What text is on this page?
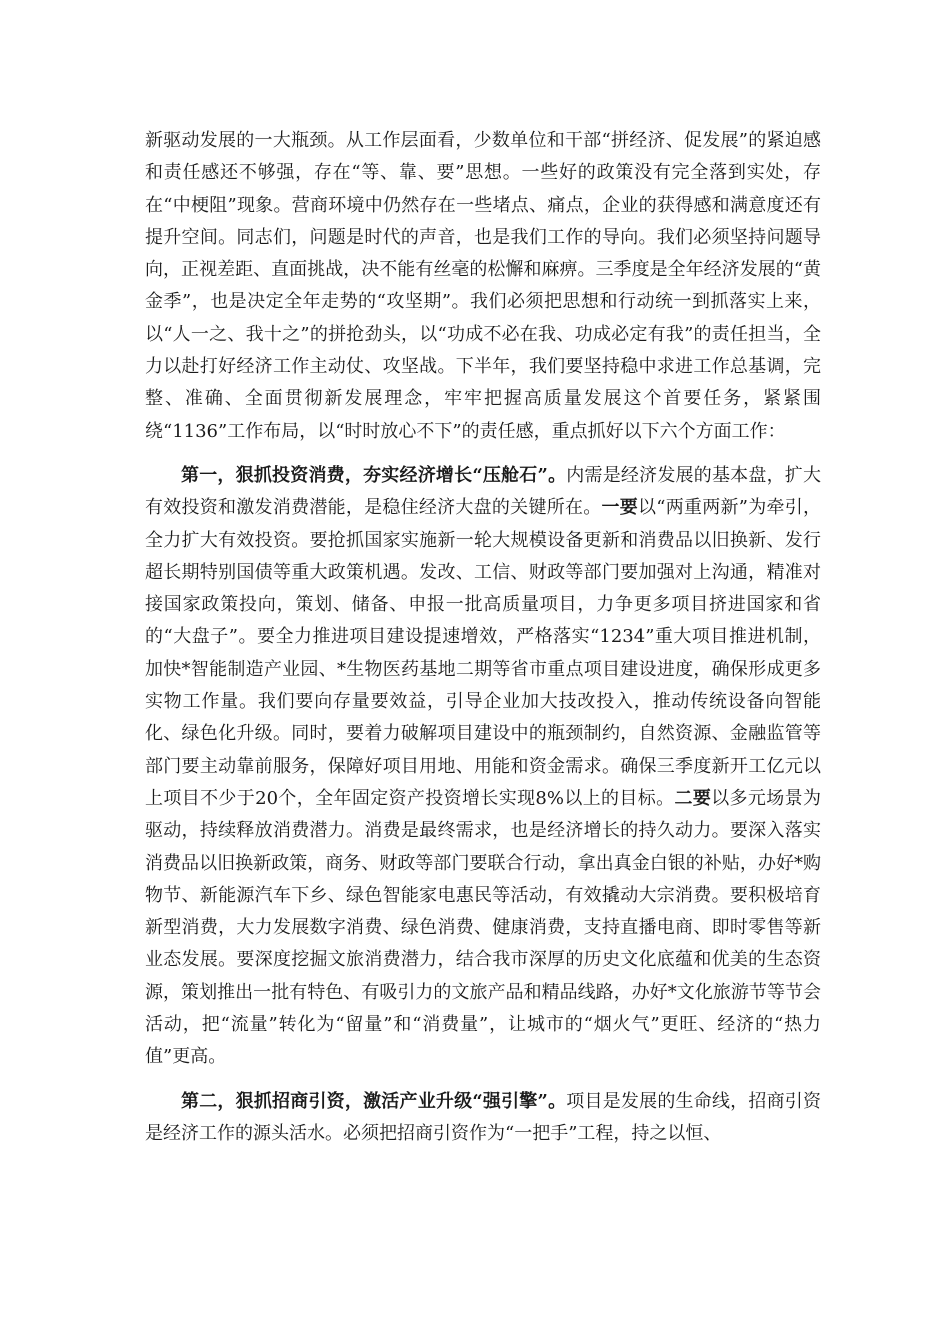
新驱动发展的一大瓶颈。从工作层面看，少数单位和干部“拼经济、促发展”的紧迫感和责任感还不够强，存在“等、靠、要”思想。一些好的政策没有完全落到实处，存在“中梗阻”现象。营商环境中仍然存在一些堵点、痛点，企业的获得感和满意度还有提升空间。同志们，问题是时代的声音，也是我们工作的导向。我们必须坚持问题导向，正视差距、直面挑战，决不能有丝毫的松懈和麻痹。三季度是全年经济发展的“黄金季”，也是决定全年走势的“攻坚期”。我们必须把思想和行动统一到抓落实上来，以“人一之、我十之”的拼抢劲头，以“功成不必在我、功成必定有我”的责任担当，全力以赴打好经济工作主动仗、攻坚战。下半年，我们要坚持稳中求进工作总基调，完整、准确、全面贯彻新发展理念，牢牢把握高质量发展这个首要任务，紧紧围绕“1136”工作布局，以“时时放心不下”的责任感，重点抓好以下六个方面工作：

第一，狠抓投资消费，夯实经济增长“压舱石”。内需是经济发展的基本盘，扩大有效投资和激发消费潜能，是稳住经济大盘的关键所在。一要以“两重两新”为牵引，全力扩大有效投资。要抢抓国家实施新一轮大规模设备更新和消费品以旧换新、发行超长期特别国债等重大政策机遇。发改、工信、财政等部门要加强对上沟通，精准对接国家政策投向，策划、储备、申报一批高质量项目，力争更多项目挤进国家和省的“大盘子”。要全力推进项目建设提速增效，严格落实“1234”重大项目推进机制，加快*智能制造产业园、*生物医药基地二期等省市重点项目建设进度，确保形成更多实物工作量。我们要向存量要效益，引导企业加大技改投入，推动传统设备向智能化、绿色化升级。同时，要着力破解项目建设中的瓶颈制约，自然资源、金融监管等部门要主动靠前服务，保障好项目用地、用能和资金需求。确保三季度新开工亿元以上项目不少于20个，全年固定资产投资增长实现8%以上的目标。二要以多元场景为驱动，持续释放消费潜力。消费是最终需求，也是经济增长的持久动力。要深入落实消费品以旧换新政策，商务、财政等部门要联合行动，拿出真金白银的补贴，办好*购物节、新能源汽车下乡、绿色智能家电惠民等活动，有效撬动大宗消费。要积极培育新型消费，大力发展数字消费、绿色消费、健康消费，支持直播电商、即时零售等新业态发展。要深度挖掘文旅消费潜力，结合我市深厚的历史文化底蕴和优美的生态资源，策划推出一批有特色、有吸引力的文旅产品和精品线路，办好*文化旅游节等节会活动，把“流量”转化为“留量”和“消费量”，让城市的“烟火气”更旺、经济的“热力值”更高。

第二，狠抓招商引资，激活产业升级“强引擎”。项目是发展的生命线，招商引资是经济工作的源头活水。必须把招商引资作为“一把手”工程，持之以恒、
